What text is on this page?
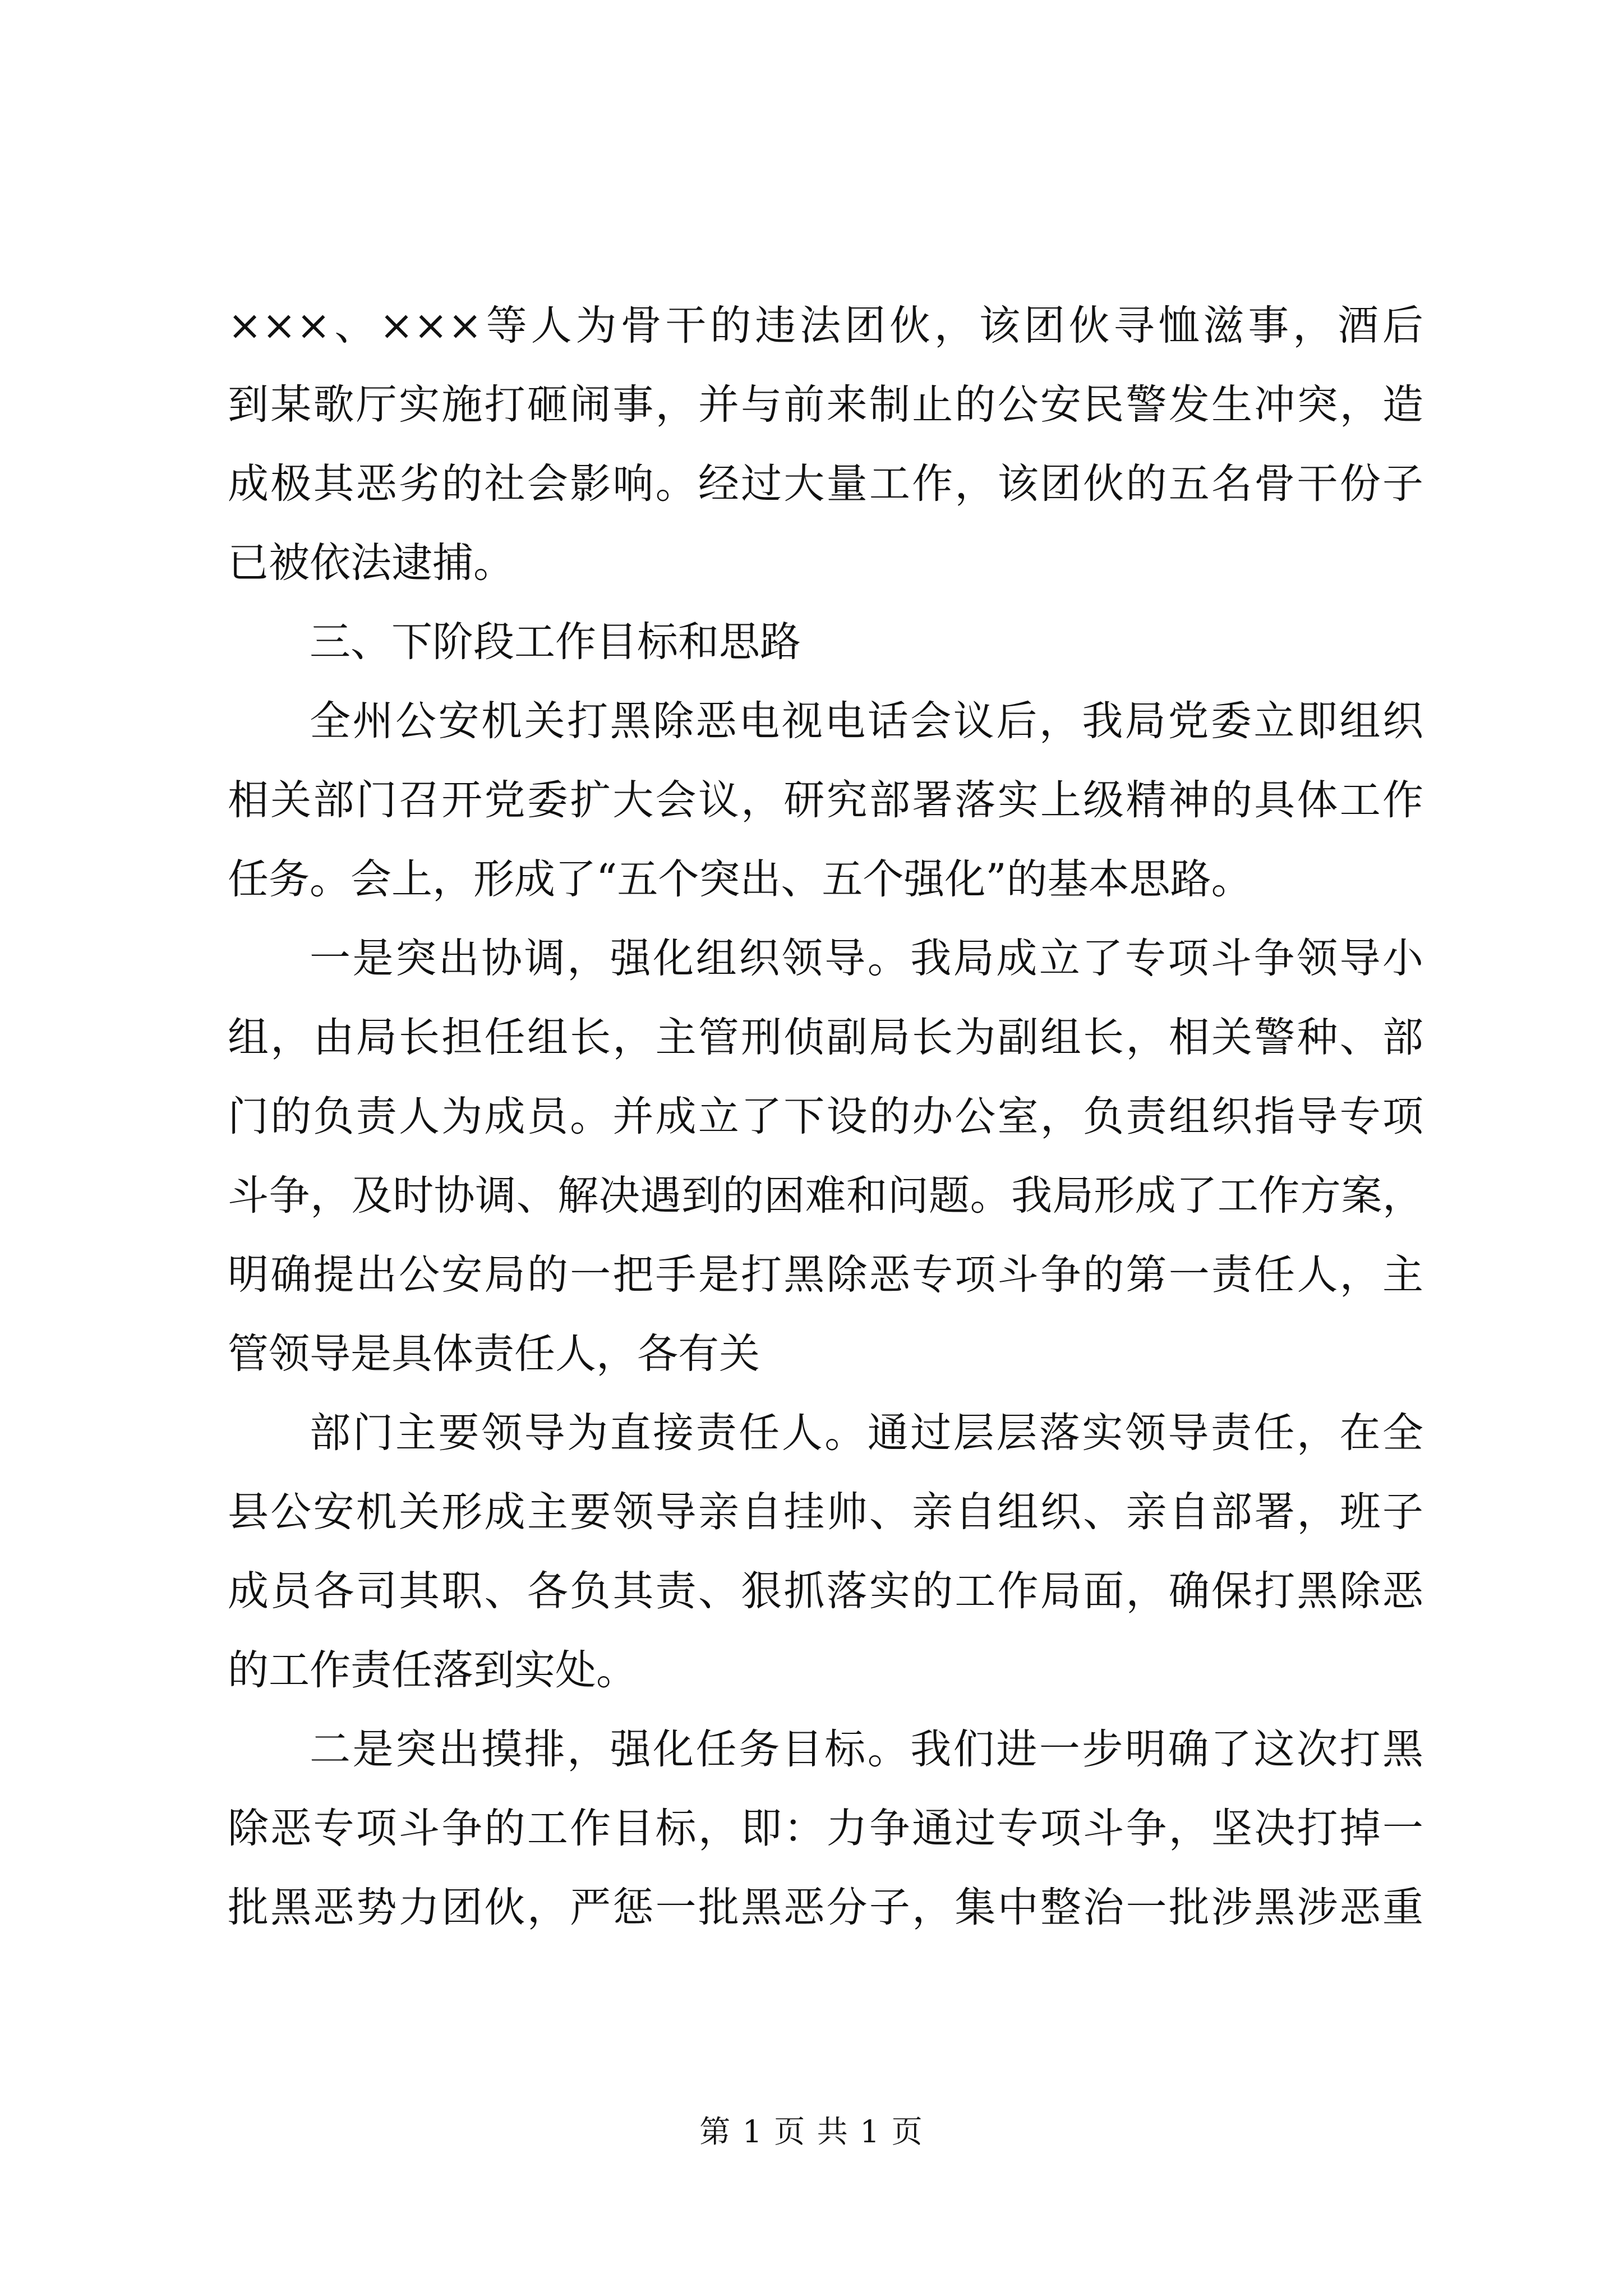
×××、×××等人为骨干的违法团伙，该团伙寻恤滋事，酒后
到某歌厅实施打砸闹事，并与前来制止的公安民警发生冲突，造
成极其恶劣的社会影响。经过大量工作，该团伙的五名骨干份子
已被依法逮捕。
三、下阶段工作目标和思路
全州公安机关打黑除恶电视电话会议后，我局党委立即组织
相关部门召开党委扩大会议，研究部署落实上级精神的具体工作
任务。会上，形成了“五个突出、五个强化”的基本思路。
一是突出协调，强化组织领导。我局成立了专项斗争领导小
组，由局长担任组长，主管刑侦副局长为副组长，相关警种、部
门的负责人为成员。并成立了下设的办公室，负责组织指导专项
斗争，及时协调、解决遇到的困难和问题。我局形成了工作方案，
明确提出公安局的一把手是打黑除恶专项斗争的第一责任人，主
管领导是具体责任人，各有关
部门主要领导为直接责任人。通过层层落实领导责任，在全
县公安机关形成主要领导亲自挂帅、亲自组织、亲自部署，班子
成员各司其职、各负其责、狠抓落实的工作局面，确保打黑除恶
的工作责任落到实处。
二是突出摸排，强化任务目标。我们进一步明确了这次打黑
除恶专项斗争的工作目标，即：力争通过专项斗争，坚决打掉一
批黑恶势力团伙，严惩一批黑恶分子，集中整治一批涉黑涉恶重
第 1 页 共 1 页
